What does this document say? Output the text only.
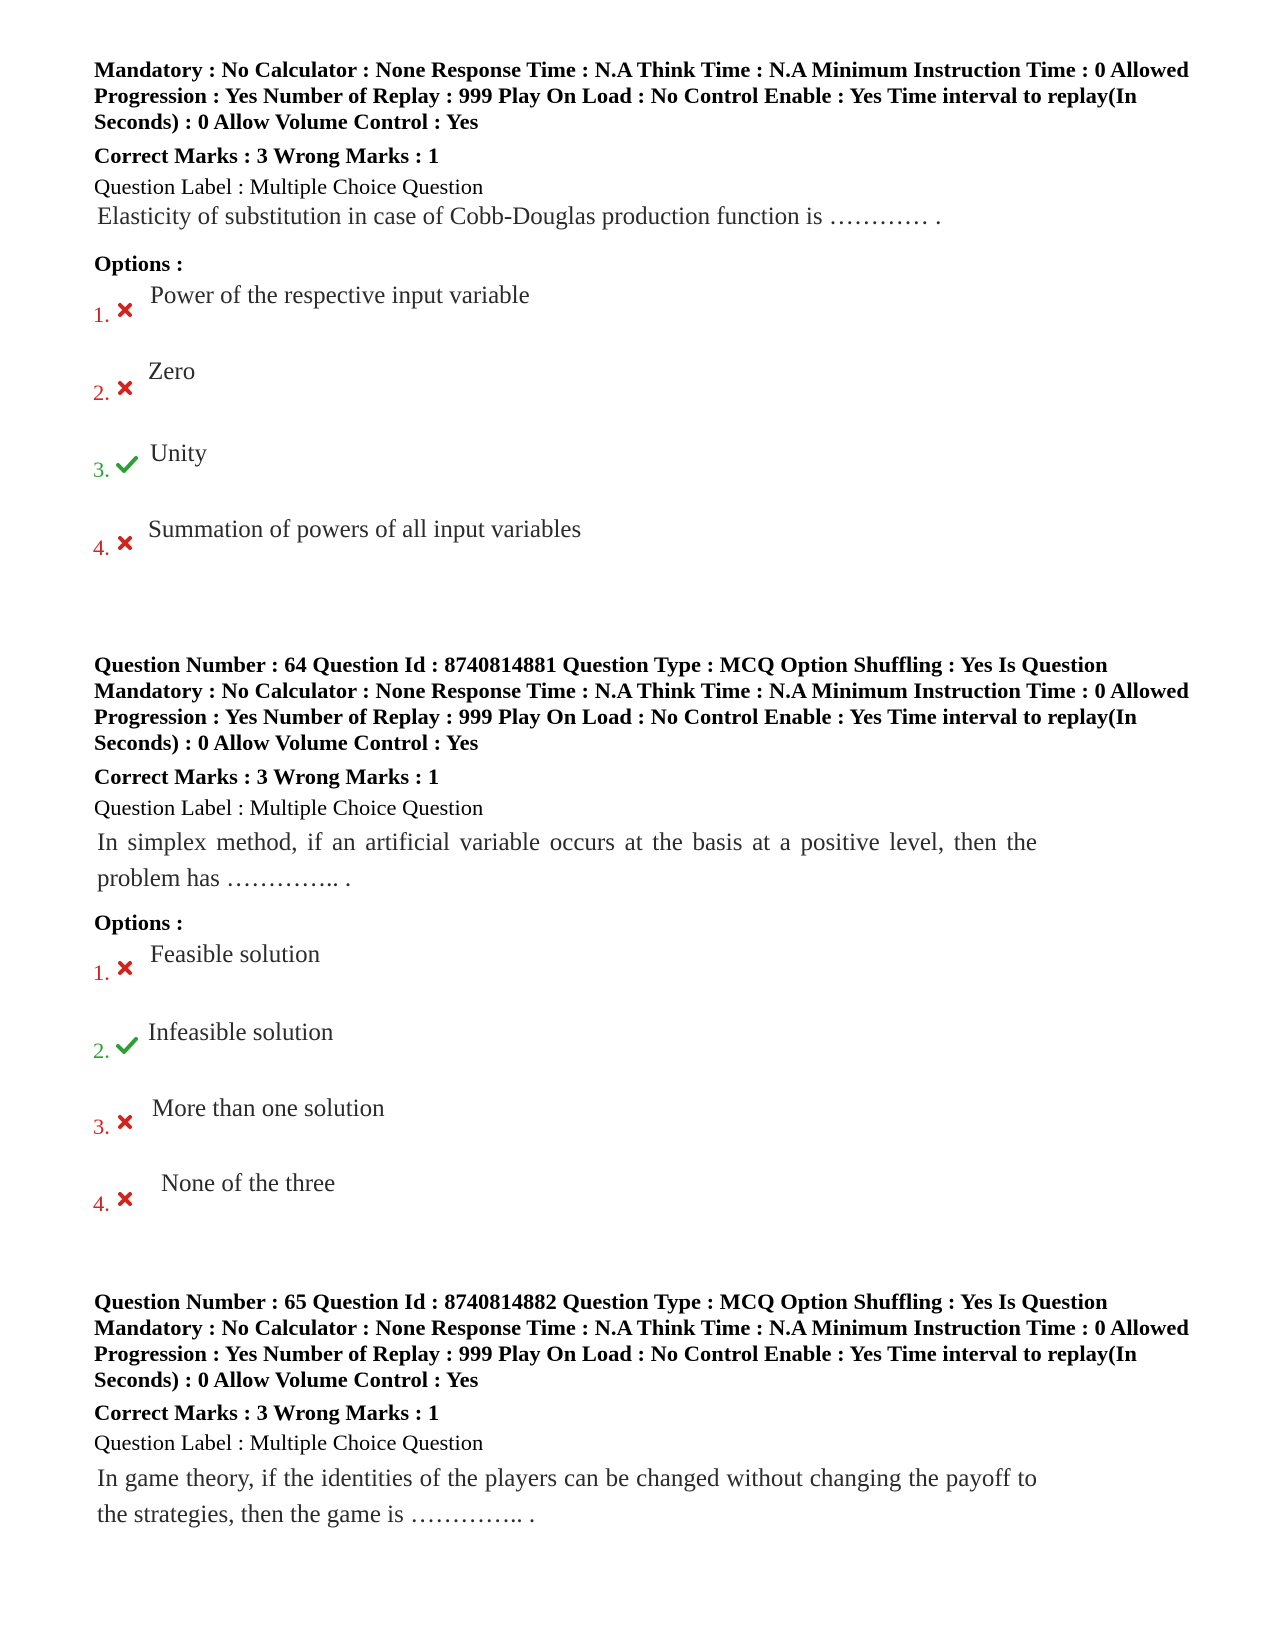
Mandatory : No Calculator : None Response Time : N.A Think Time : N.A Minimum Instruction Time : 0 Allowed Progression : Yes Number of Replay : 999 Play On Load : No Control Enable : Yes Time interval to replay(In Seconds) : 0 Allow Volume Control : Yes

Correct Marks : 3 Wrong Marks : 1
Question Label : Multiple Choice Question
Elasticity of substitution in case of Cobb-Douglas production function is ………… .
Options :
1.
Power of the respective input variable
2.
Zero
3.
Unity
4.
Summation of powers of all input variables

Question Number : 64 Question Id : 8740814881 Question Type : MCQ Option Shuffling : Yes Is Question Mandatory : No Calculator : None Response Time : N.A Think Time : N.A Minimum Instruction Time : 0 Allowed Progression : Yes Number of Replay : 999 Play On Load : No Control Enable : Yes Time interval to replay(In Seconds) : 0 Allow Volume Control : Yes

Correct Marks : 3 Wrong Marks : 1
Question Label : Multiple Choice Question
In simplex method, if an artificial variable occurs at the basis at a positive level, then the problem has ………….. .
Options :
1.
Feasible solution
2.
Infeasible solution
3.
More than one solution
4.
None of the three

Question Number : 65 Question Id : 8740814882 Question Type : MCQ Option Shuffling : Yes Is Question Mandatory : No Calculator : None Response Time : N.A Think Time : N.A Minimum Instruction Time : 0 Allowed Progression : Yes Number of Replay : 999 Play On Load : No Control Enable : Yes Time interval to replay(In Seconds) : 0 Allow Volume Control : Yes

Correct Marks : 3 Wrong Marks : 1
Question Label : Multiple Choice Question
In game theory, if the identities of the players can be changed without changing the payoff to the strategies, then the game is ………….. .
